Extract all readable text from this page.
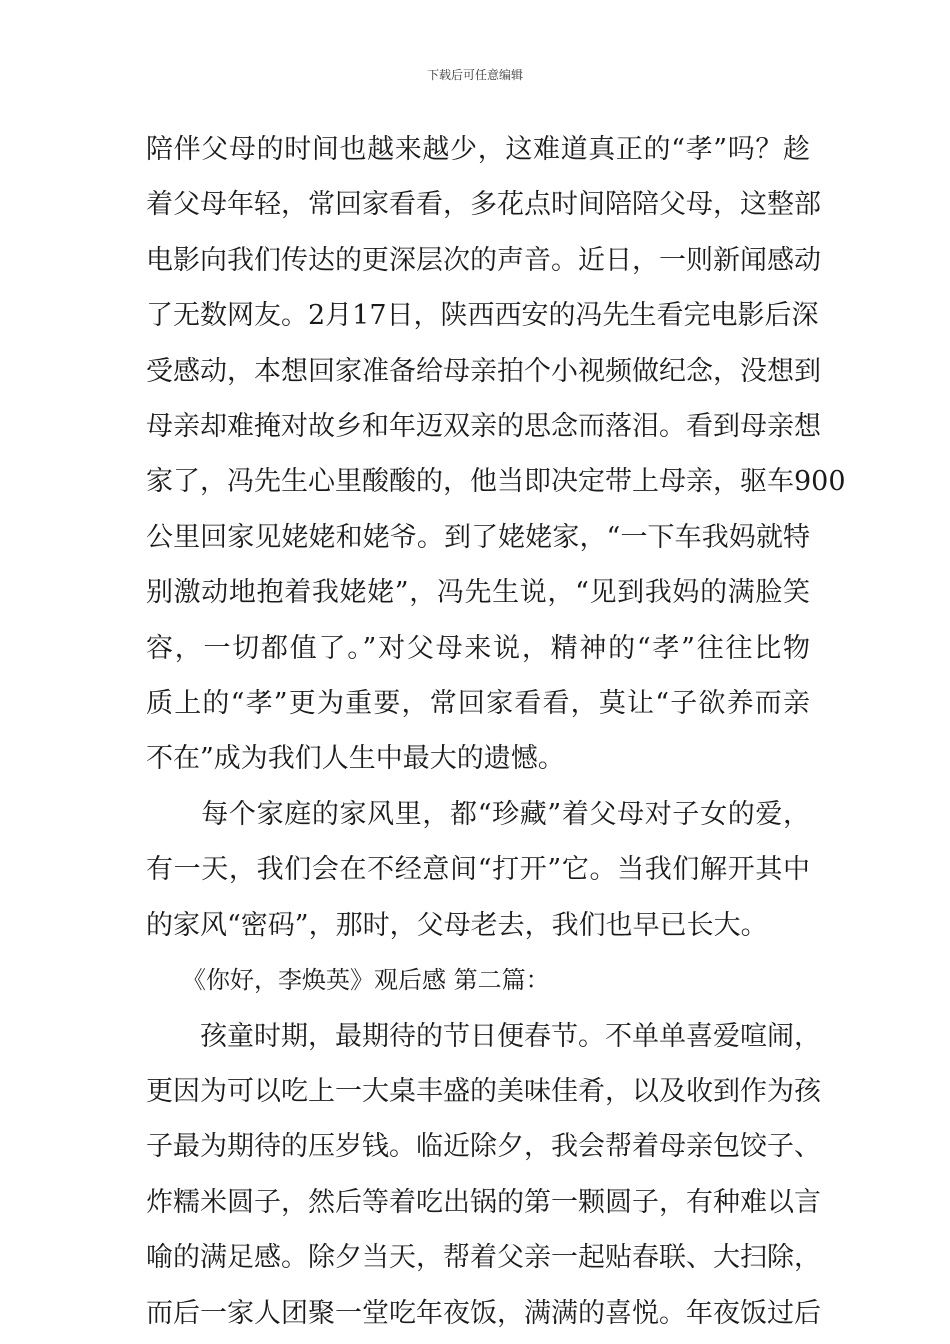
下载后可任意编辑
陪伴父母的时间也越来越少，这难道真正的“孝”吗？趁
着父母年轻，常回家看看，多花点时间陪陪父母，这整部
电影向我们传达的更深层次的声音。近日，一则新闻感动
了无数网友。2月17日，陕西西安的冯先生看完电影后深
受感动，本想回家准备给母亲拍个小视频做纪念，没想到
母亲却难掩对故乡和年迈双亲的思念而落泪。看到母亲想
家了，冯先生心里酸酸的，他当即决定带上母亲，驱车900
公里回家见姥姥和姥爷。到了姥姥家，“一下车我妈就特
别激动地抱着我姥姥”，冯先生说，“见到我妈的满脸笑
容，一切都值了。”对父母来说，精神的“孝”往往比物
质上的“孝”更为重要，常回家看看，莫让“子欲养而亲
不在”成为我们人生中最大的遗憾。
　　每个家庭的家风里，都“珍藏”着父母对子女的爱，
有一天，我们会在不经意间“打开”它。当我们解开其中
的家风“密码”，那时，父母老去，我们也早已长大。
　　《你好，李焕英》观后感 第二篇：
　　孩童时期，最期待的节日便春节。不单单喜爱喧闹，
更因为可以吃上一大桌丰盛的美味佳肴，以及收到作为孩
子最为期待的压岁钱。临近除夕，我会帮着母亲包饺子、
炸糯米圆子，然后等着吃出锅的第一颗圆子，有种难以言
喻的满足感。除夕当天，帮着父亲一起贴春联、大扫除，
而后一家人团聚一堂吃年夜饭，满满的喜悦。年夜饭过后
